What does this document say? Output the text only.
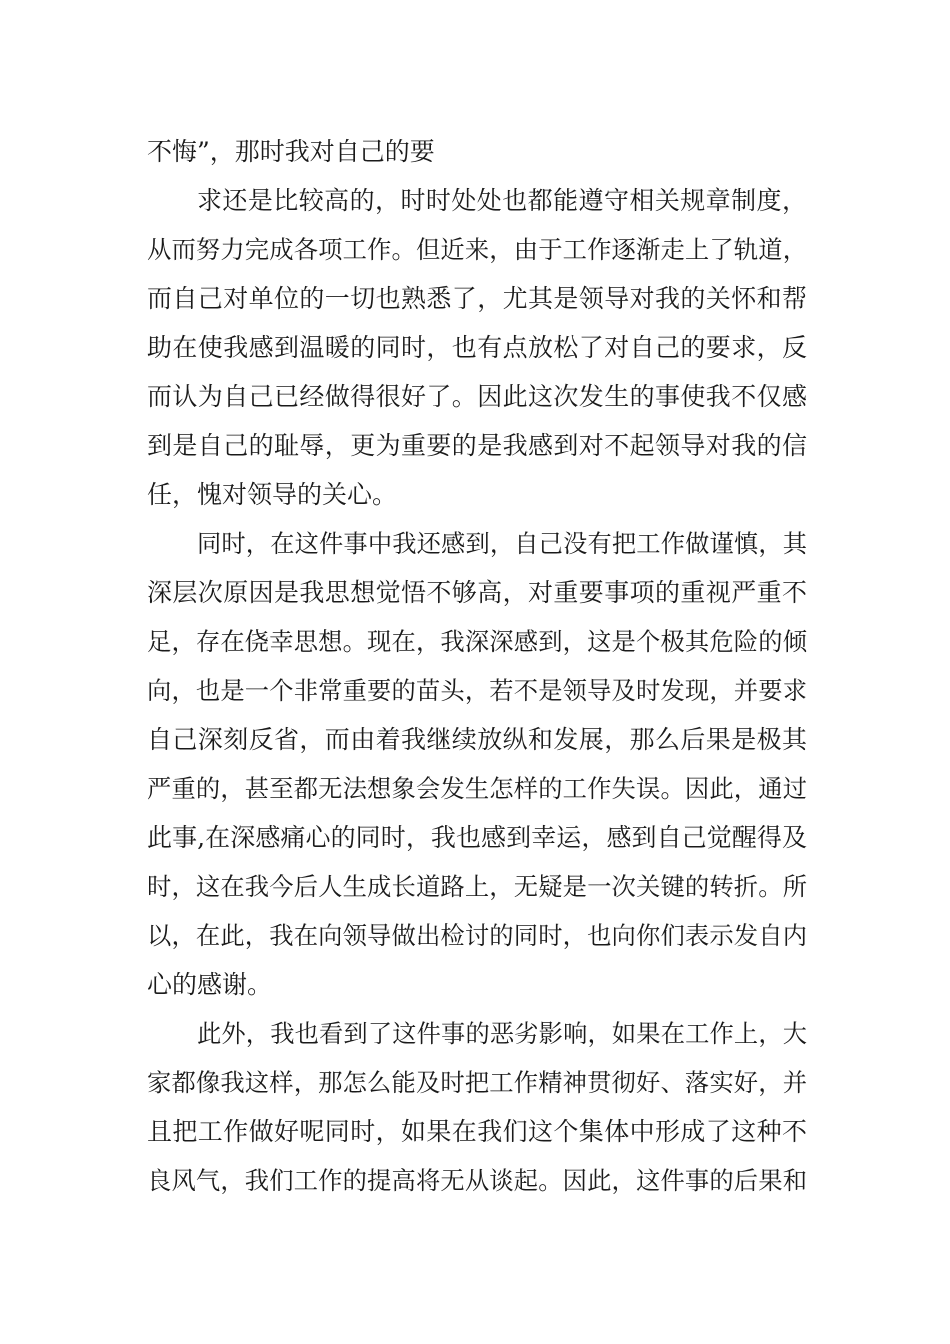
不悔”，那时我对自己的要
求还是比较高的，时时处处也都能遵守相关规章制度，
从而努力完成各项工作。但近来，由于工作逐渐走上了轨道，
而自己对单位的一切也熟悉了，尤其是领导对我的关怀和帮
助在使我感到温暖的同时，也有点放松了对自己的要求，反
而认为自己已经做得很好了。因此这次发生的事使我不仅感
到是自己的耻辱，更为重要的是我感到对不起领导对我的信
任，愧对领导的关心。
同时，在这件事中我还感到，自己没有把工作做谨慎，其
深层次原因是我思想觉悟不够高，对重要事项的重视严重不
足，存在侥幸思想。现在，我深深感到，这是个极其危险的倾
向，也是一个非常重要的苗头，若不是领导及时发现，并要求
自己深刻反省，而由着我继续放纵和发展，那么后果是极其
严重的，甚至都无法想象会发生怎样的工作失误。因此，通过
此事,在深感痛心的同时，我也感到幸运，感到自己觉醒得及
时，这在我今后人生成长道路上，无疑是一次关键的转折。所
以，在此，我在向领导做出检讨的同时，也向你们表示发自内
心的感谢。
此外，我也看到了这件事的恶劣影响，如果在工作上，大
家都像我这样，那怎么能及时把工作精神贯彻好、落实好，并
且把工作做好呢同时，如果在我们这个集体中形成了这种不
良风气，我们工作的提高将无从谈起。因此，这件事的后果和
